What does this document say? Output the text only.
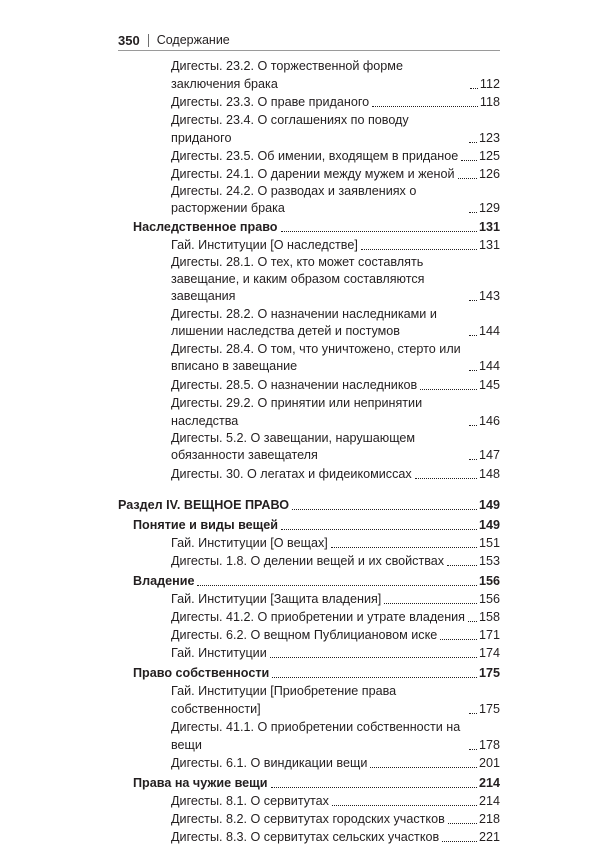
350 Содержание
Дигесты. 23.2. О торжественной форме заключения брака	112
Дигесты. 23.3. О праве приданого	118
Дигесты. 23.4. О соглашениях по поводу приданого	123
Дигесты. 23.5. Об имении, входящем в приданое 125
Дигесты. 24.1. О дарении между мужем и женой 126
Дигесты. 24.2. О разводах и заявлениях о расторжении брака	129
Наследственное право	131
Гай. Институции [О наследстве]	131
Дигесты. 28.1. О тех, кто может составлять завещание, и каким образом составляются завещания	143
Дигесты. 28.2. О назначении наследниками и лишении наследства детей и постумов	144
Дигесты. 28.4. О том, что уничтожено, стерто или вписано в завещание	144
Дигесты. 28.5. О назначении наследников	145
Дигесты. 29.2. О принятии или непринятии наследства	146
Дигесты. 5.2. О завещании, нарушающем обязанности завещателя	147
Дигесты. 30. О легатах и фидеикомиссах	148
Раздел IV. ВЕЩНОЕ ПРАВО	149
Понятие и виды вещей	149
Гай. Институции [О вещах]	151
Дигесты. 1.8. О делении вещей и их свойствах	153
Владение	156
Гай. Институции [Защита владения]	156
Дигесты. 41.2. О приобретении и утрате владения 158
Дигесты. 6.2. О вещном Публициановом иске	171
Гай. Институции	174
Право собственности	175
Гай. Институции [Приобретение права собственности]	175
Дигесты. 41.1. О приобретении собственности на вещи	178
Дигесты. 6.1. О виндикации вещи	201
Права на чужие вещи	214
Дигесты. 8.1. О сервитутах	214
Дигесты. 8.2. О сервитутах городских участков	218
Дигесты. 8.3. О сервитутах сельских участков	221
